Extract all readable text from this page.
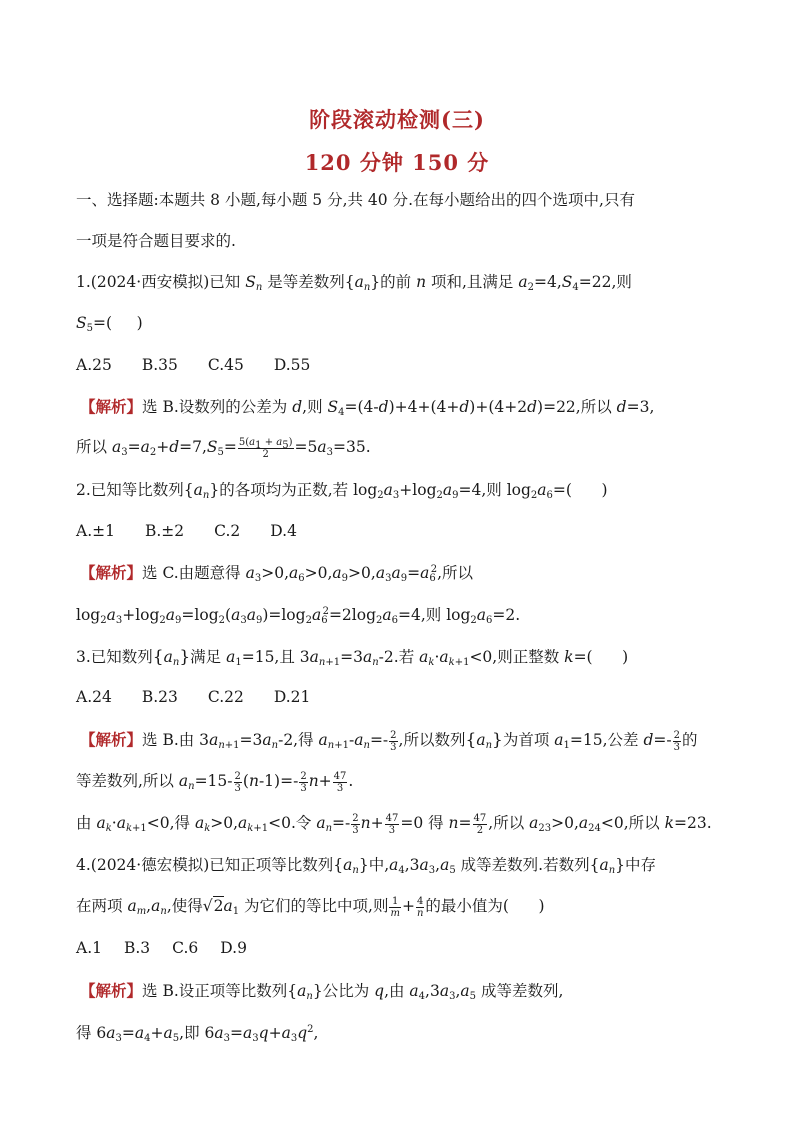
阶段滚动检测(三)
120 分钟 150 分
一、选择题:本题共 8 小题,每小题 5 分,共 40 分.在每小题给出的四个选项中,只有
一项是符合题目要求的.
1.(2024·西安模拟)已知 $S_n$ 是等差数列$\{a_n\}$的前 n 项和,且满足 $a_2=4,S_4=22$,则
$S_5=$(     )
A.25 B.35 C.45 D.55
【解析】选 B.设数列的公差为 d,则 $S_4=(4-d)+4+(4+d)+(4+2d)=22$,所以 d=3,
所以 $a_3=a_2+d=7,S_5= \frac{5(a_1 + a_5)}{2} =5a_3=35$.
2.已知等比数列$\{a_n\}$的各项均为正数,若 $\log_2a_3+\log_2a_9=4$,则 $\log_2a_6=$(      )
A.±1 B.±2 C.2 D.4
【解析】选 C.由题意得 $a_3>0,a_6>0,a_9>0,a_3a_9=a_6^2$,所以
$\log_2a_3+\log_2a_9=\log_2(a_3a_9)=\log_2a_6^2=2\log_2a_6=4$,则 $\log_2a_6=2$.
3.已知数列$\{a_n\}$满足 $a_1=15$,且 $3a_{n+1}=3a_n-2$.若 $a_k\cdot a_{k+1}<0$,则正整数 k=(      )
A.24 B.23 C.22 D.21
【解析】选 B.由 $3a_{n+1}=3a_n-2$,得 $a_{n+1}-a_n=- \frac{2}{3}$ ,所以数列$\{a_n\}$为首项 $a_1=15$,公差 $d=- \frac{2}{3}$ 的
等差数列,所以 $a_n=15- \frac{2}{3} (n-1)=- \frac{2}{3} n+ \frac{47}{3}$ .
由 $a_k\cdot a_{k+1}<0$,得 $a_k>0,a_{k+1}<0$.令 $a_n=- \frac{2}{3} n+ \frac{47}{3} =0$ 得 $n= \frac{47}{2}$ ,所以 $a_{23}>0,a_{24}<0$,所以 k=23.
4.(2024·德宏模拟)已知正项等比数列$\{a_n\}$中$,a_4,3a_3,a_5$ 成等差数列.若数列$\{a_n\}$中存
在两项 $a_m,a_n$,使得$√2a_1$ 为它们的等比中项,则 $\frac{1}{m} + \frac{4}{n}$ 的最小值为(      )
A.1 B.3 C.6 D.9
【解析】选 B.设正项等比数列$\{a_n\}$公比为 q,由 $a_4,3a_3,a_5$ 成等差数列,
得 $6a_3=a_4+a_5$,即 $6a_3=a_3q+a_3q^2$,
